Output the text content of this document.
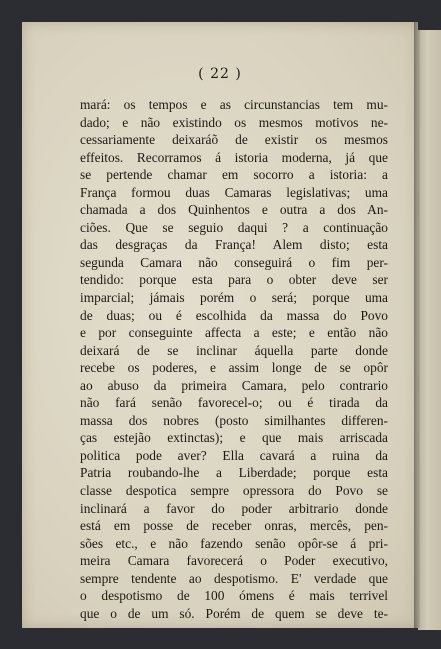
( 22 )
mará: os tempos e as circunstancias tem mu-
dado; e não existindo os mesmos motivos ne-
cessariamente deixaráõ de existir os mesmos
effeitos. Recorramos á istoria moderna, já que
se pertende chamar em socorro a istoria: a
França formou duas Camaras legislativas; uma
chamada a dos Quinhentos e outra a dos An-
ciões. Que se seguio daqui ? a continuação
das desgraças da França! Alem disto; esta
segunda Camara não conseguirá o fim per-
tendido: porque esta para o obter deve ser
imparcial; jámais porém o será; porque uma
de duas; ou é escolhida da massa do Povo
e por conseguinte affecta a este; e então não
deixará de se inclinar áquella parte donde
recebe os poderes, e assim longe de se opôr
ao abuso da primeira Camara, pelo contrario
não fará senão favorecel-o; ou é tirada da
massa dos nobres (posto similhantes differen-
ças estejão extinctas); e que mais arriscada
politica pode aver? Ella cavará a ruina da
Patria roubando-lhe a Liberdade; porque esta
classe despotica sempre opressora do Povo se
inclinará a favor do poder arbitrario donde
está em posse de receber onras, mercês, pen-
sões etc., e não fazendo senão opôr-se á pri-
meira Camara favorecerá o Poder executivo,
sempre tendente ao despotismo. E' verdade que
o despotismo de 100 ómens é mais terrivel
que o de um só. Porém de quem se deve te-
